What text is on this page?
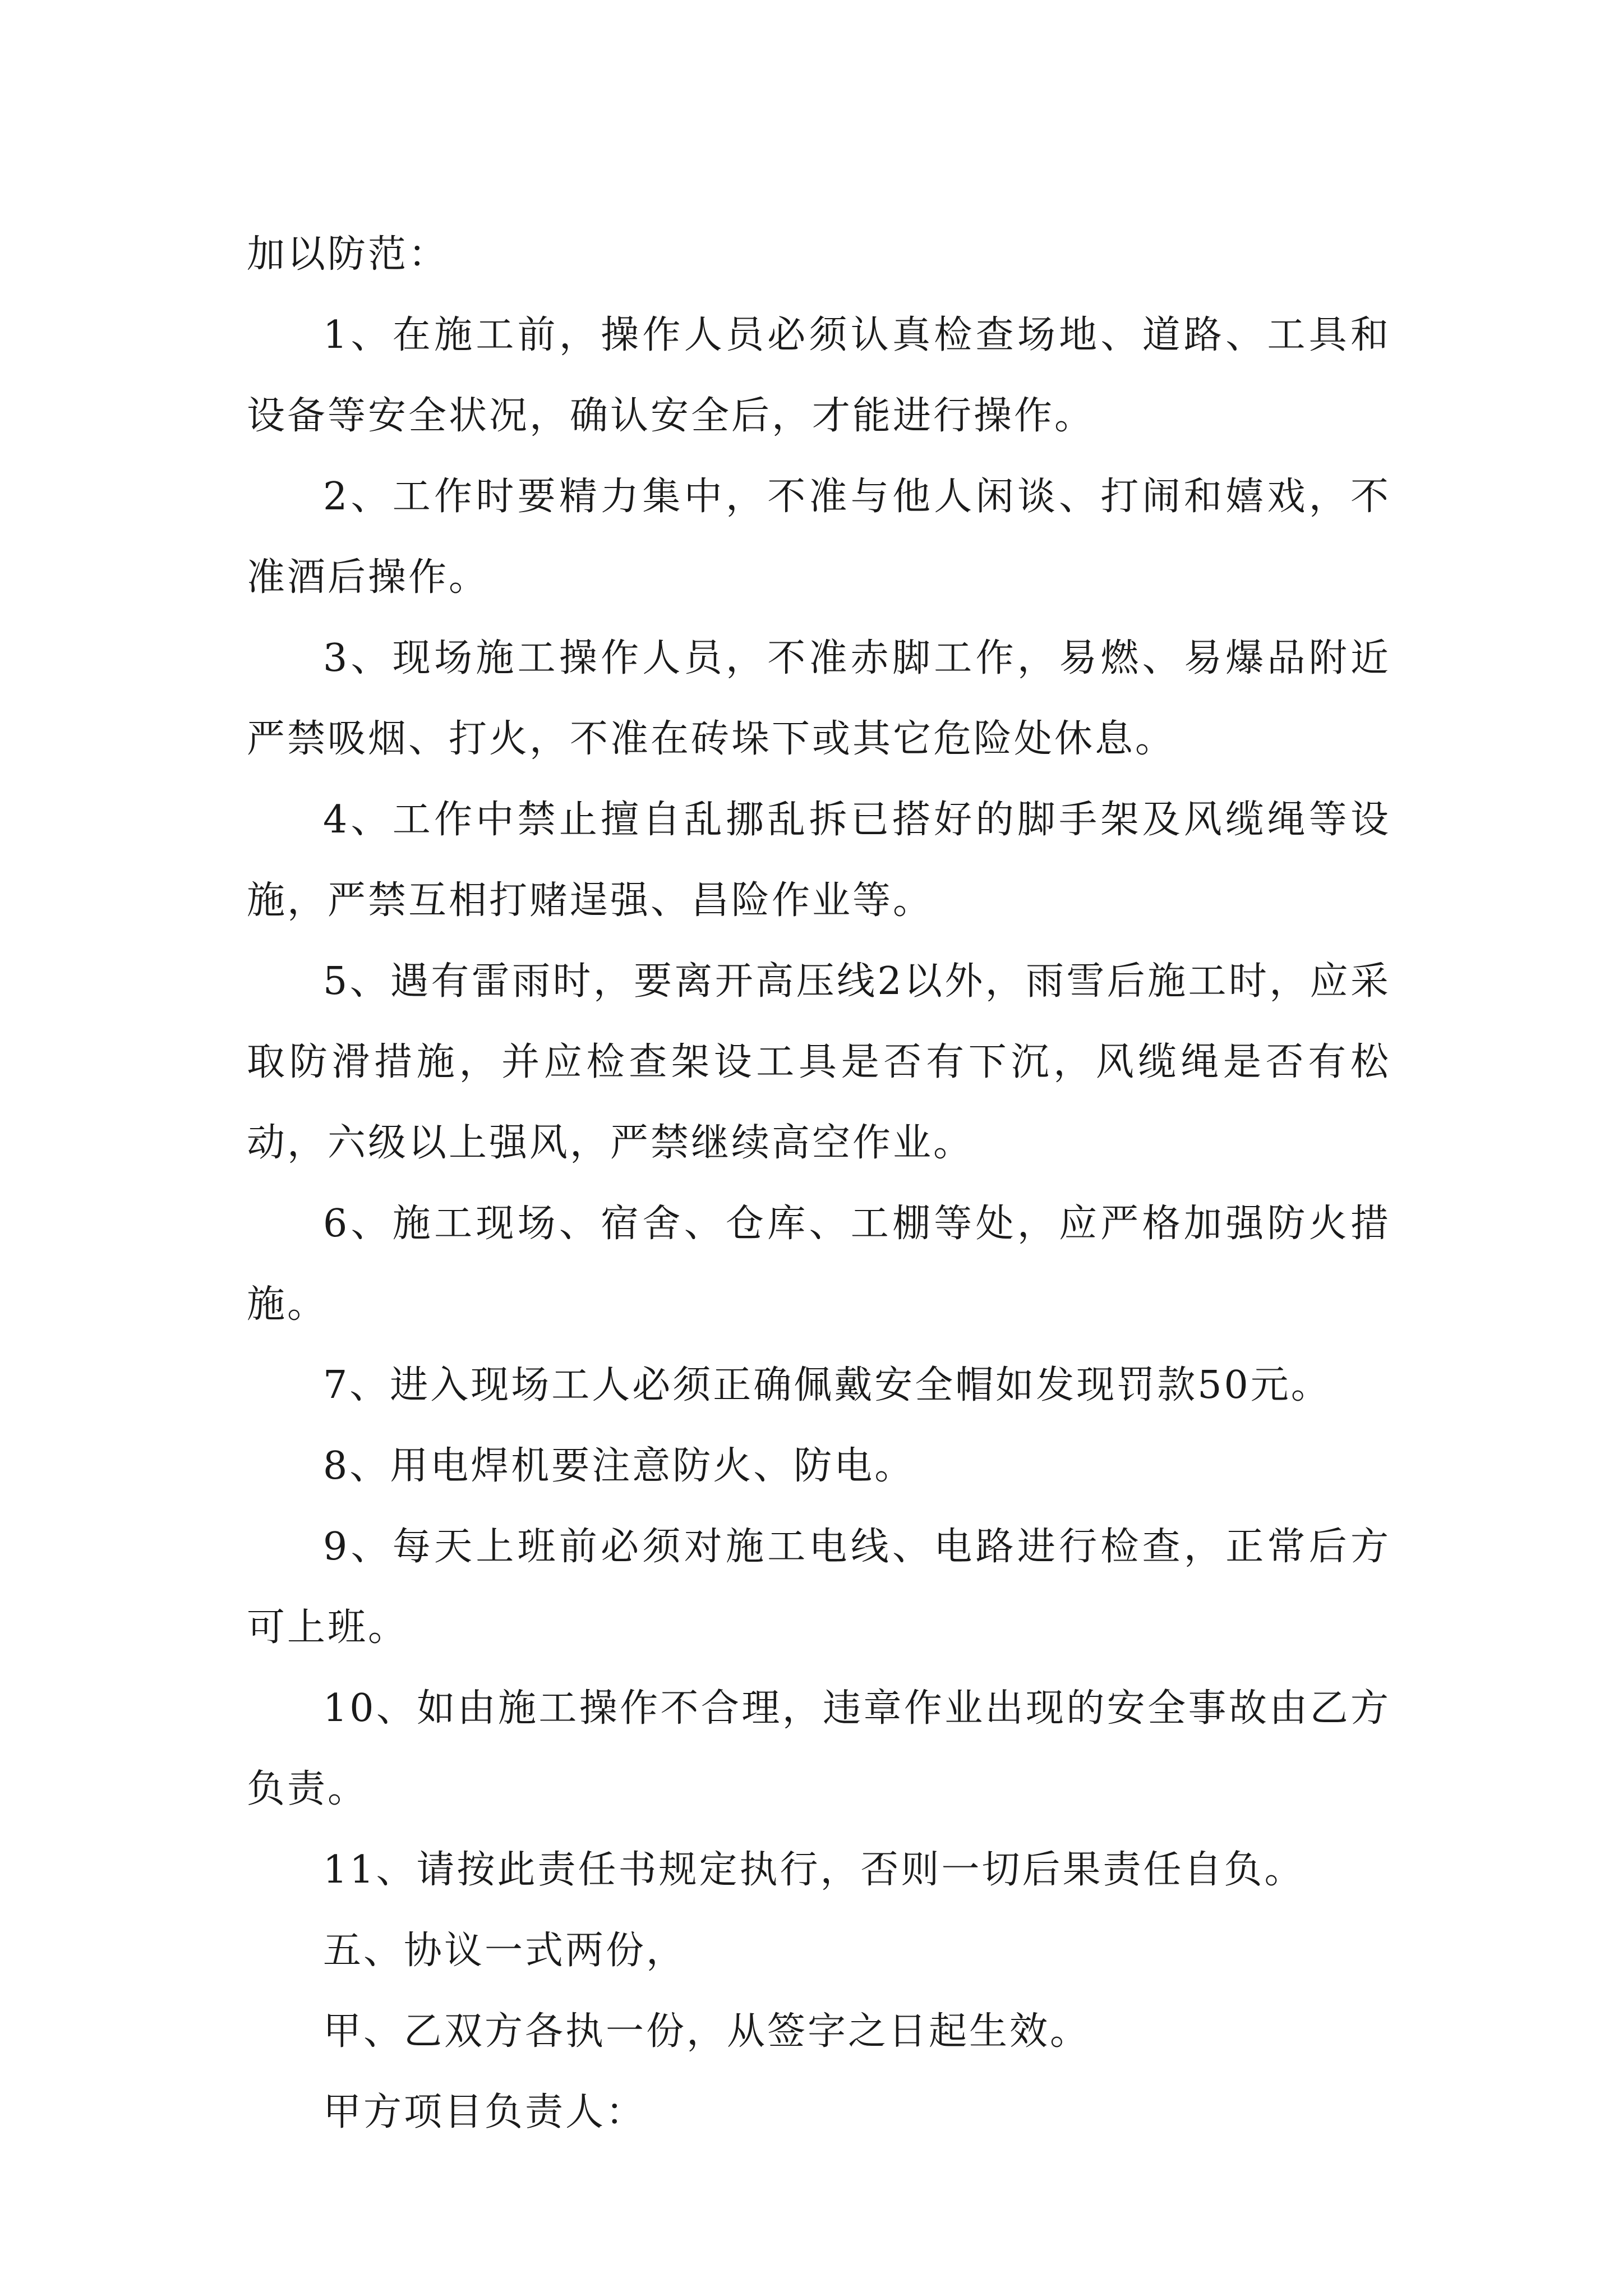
加以防范：

1、在施工前，操作人员必须认真检查场地、道路、工具和设备等安全状况，确认安全后，才能进行操作。

2、工作时要精力集中，不准与他人闲谈、打闹和嬉戏，不准酒后操作。

3、现场施工操作人员，不准赤脚工作，易燃、易爆品附近严禁吸烟、打火，不准在砖垛下或其它危险处休息。

4、工作中禁止擅自乱挪乱拆已搭好的脚手架及风缆绳等设施，严禁互相打赌逞强、昌险作业等。

5、遇有雷雨时，要离开高压线2以外，雨雪后施工时，应采取防滑措施，并应检查架设工具是否有下沉，风缆绳是否有松动，六级以上强风，严禁继续高空作业。

6、施工现场、宿舍、仓库、工棚等处，应严格加强防火措施。

7、进入现场工人必须正确佩戴安全帽如发现罚款50元。

8、用电焊机要注意防火、防电。

9、每天上班前必须对施工电线、电路进行检查，正常后方可上班。

10、如由施工操作不合理，违章作业出现的安全事故由乙方负责。

11、请按此责任书规定执行，否则一切后果责任自负。

五、协议一式两份，

甲、乙双方各执一份，从签字之日起生效。

甲方项目负责人：
